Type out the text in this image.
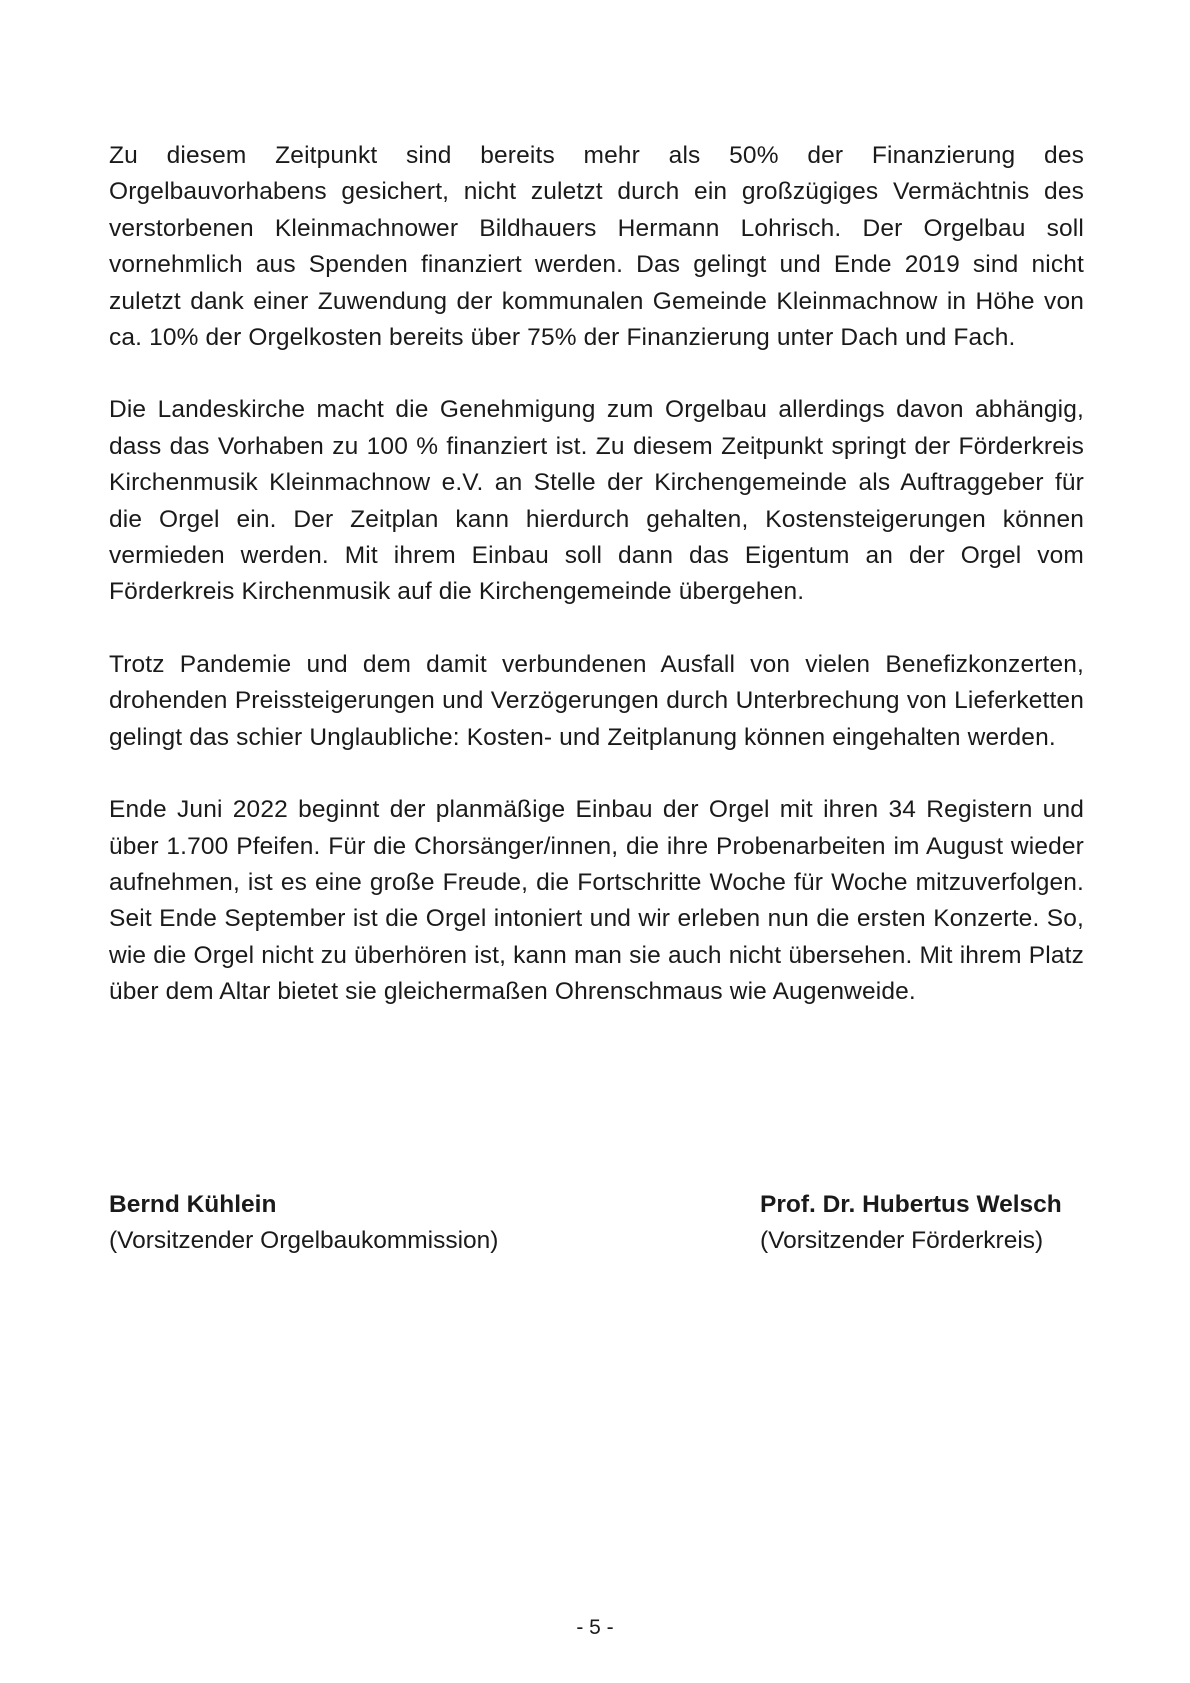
Zu diesem Zeitpunkt sind bereits mehr als 50% der Finanzierung des Orgelbauvorhabens gesichert, nicht zuletzt durch ein großzügiges Vermächtnis des verstorbenen Kleinmachnower Bildhauers Hermann Lohrisch. Der Orgelbau soll vornehmlich aus Spenden finanziert werden. Das gelingt und Ende 2019 sind nicht zuletzt dank einer Zuwendung der kommunalen Gemeinde Kleinmachnow in Höhe von ca. 10% der Orgelkosten bereits über 75% der Finanzierung unter Dach und Fach.

Die Landeskirche macht die Genehmigung zum Orgelbau allerdings davon abhängig, dass das Vorhaben zu 100 % finanziert ist. Zu diesem Zeitpunkt springt der Förderkreis Kirchenmusik Kleinmachnow e.V. an Stelle der Kirchengemeinde als Auftraggeber für die Orgel ein. Der Zeitplan kann hierdurch gehalten, Kostensteigerungen können vermieden werden. Mit ihrem Einbau soll dann das Eigentum an der Orgel vom Förderkreis Kirchenmusik auf die Kirchengemeinde übergehen.

Trotz Pandemie und dem damit verbundenen Ausfall von vielen Benefizkonzerten, drohenden Preissteigerungen und Verzögerungen durch Unterbrechung von Lieferketten gelingt das schier Unglaubliche: Kosten- und Zeitplanung können eingehalten werden.

Ende Juni 2022 beginnt der planmäßige Einbau der Orgel mit ihren 34 Registern und über 1.700 Pfeifen. Für die Chorsänger/innen, die ihre Probenarbeiten im August wieder aufnehmen, ist es eine große Freude, die Fortschritte Woche für Woche mitzuverfolgen. Seit Ende September ist die Orgel intoniert und wir erleben nun die ersten Konzerte. So, wie die Orgel nicht zu überhören ist, kann man sie auch nicht übersehen. Mit ihrem Platz über dem Altar bietet sie gleichermaßen Ohrenschmaus wie Augenweide.

Bernd Kühlein
(Vorsitzender Orgelbaukommission)
Prof. Dr. Hubertus Welsch
(Vorsitzender Förderkreis)
- 5 -
